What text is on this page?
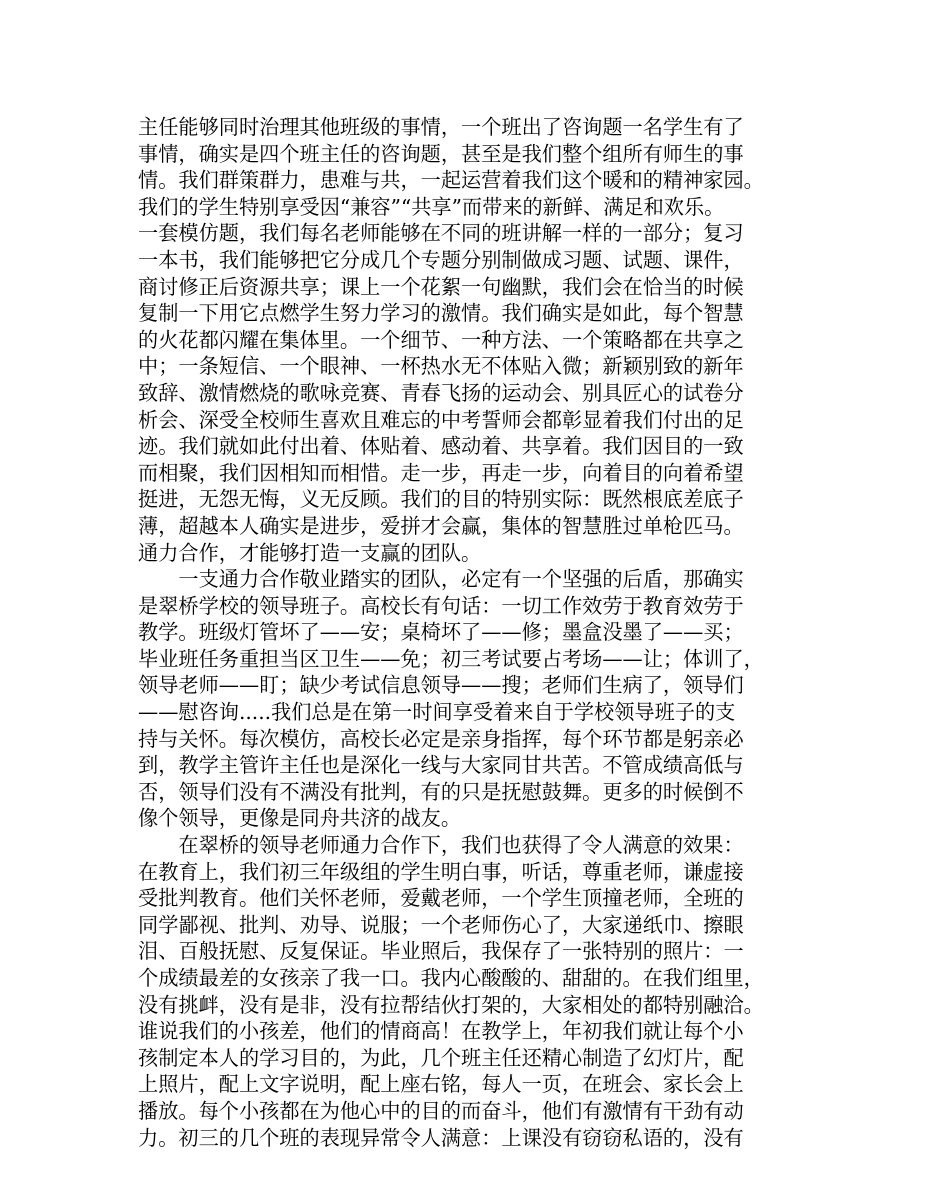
主任能够同时治理其他班级的事情，一个班出了咨询题一名学生有了
事情，确实是四个班主任的咨询题，甚至是我们整个组所有师生的事
情。我们群策群力，患难与共，一起运营着我们这个暖和的精神家园。
我们的学生特别享受因“兼容”“共享”而带来的新鲜、满足和欢乐。
一套模仿题，我们每名老师能够在不同的班讲解一样的一部分；复习
一本书，我们能够把它分成几个专题分别制做成习题、试题、课件，
商讨修正后资源共享；课上一个花絮一句幽默，我们会在恰当的时候
复制一下用它点燃学生努力学习的激情。我们确实是如此，每个智慧
的火花都闪耀在集体里。一个细节、一种方法、一个策略都在共享之
中；一条短信、一个眼神、一杯热水无不体贴入微；新颖别致的新年
致辞、激情燃烧的歌咏竞赛、青春飞扬的运动会、别具匠心的试卷分
析会、深受全校师生喜欢且难忘的中考誓师会都彰显着我们付出的足
迹。我们就如此付出着、体贴着、感动着、共享着。我们因目的一致
而相聚，我们因相知而相惜。走一步，再走一步，向着目的向着希望
挺进，无怨无悔，义无反顾。我们的目的特别实际：既然根底差底子
薄，超越本人确实是进步，爱拼才会赢，集体的智慧胜过单枪匹马。
通力合作，才能够打造一支赢的团队。
　　一支通力合作敬业踏实的团队，必定有一个坚强的后盾，那确实
是翠桥学校的领导班子。高校长有句话：一切工作效劳于教育效劳于
教学。班级灯管坏了——安；桌椅坏了——修；墨盒没墨了——买；
毕业班任务重担当区卫生——免；初三考试要占考场——让；体训了，
领导老师——盯；缺少考试信息领导——搜；老师们生病了，领导们
——慰咨询.....我们总是在第一时间享受着来自于学校领导班子的支
持与关怀。每次模仿，高校长必定是亲身指挥，每个环节都是躬亲必
到，教学主管许主任也是深化一线与大家同甘共苦。不管成绩高低与
否，领导们没有不满没有批判，有的只是抚慰鼓舞。更多的时候倒不
像个领导，更像是同舟共济的战友。
　　在翠桥的领导老师通力合作下，我们也获得了令人满意的效果：
在教育上，我们初三年级组的学生明白事，听话，尊重老师，谦虚接
受批判教育。他们关怀老师，爱戴老师，一个学生顶撞老师，全班的
同学鄙视、批判、劝导、说服；一个老师伤心了，大家递纸巾、擦眼
泪、百般抚慰、反复保证。毕业照后，我保存了一张特别的照片：一
个成绩最差的女孩亲了我一口。我内心酸酸的、甜甜的。在我们组里，
没有挑衅，没有是非，没有拉帮结伙打架的，大家相处的都特别融洽。
谁说我们的小孩差，他们的情商高！在教学上，年初我们就让每个小
孩制定本人的学习目的，为此，几个班主任还精心制造了幻灯片，配
上照片，配上文字说明，配上座右铭，每人一页，在班会、家长会上
播放。每个小孩都在为他心中的目的而奋斗，他们有激情有干劲有动
力。初三的几个班的表现异常令人满意：上课没有窃窃私语的，没有
